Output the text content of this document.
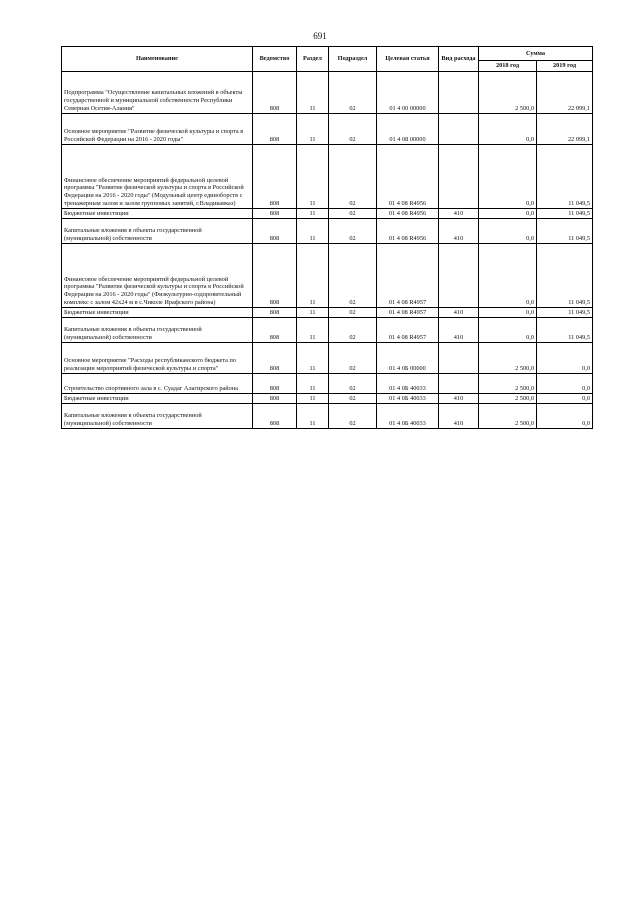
691
Наименование	Ведомство	Раздел	Подраздел	Целевая статья	Вид расхода	Сумма	
						2018 год	2019 год
Подпрограмма "Осуществление капитальных вложений в объекты государственной и муниципальной собственности Республики Северная Осетия-Алания"	808	11	02	01 4 00 00000		2 500,0	22 099,1
Основное мероприятие "Развитие физической культуры и спорта в Российской Федерации на 2016 - 2020 годы"	808	11	02	01 4 08 00000		0,0	22 099,1
Финансовое обеспечение мероприятий федеральной целевой программы "Развитие физической культуры и спорта в Российской Федерации на 2016 - 2020 годы" (Модульный центр единоборств с тренажерным залом и залом групповых занятий, г.Владикавказ)	808	11	02	01 4 08 R4956		0,0	11 049,5
Бюджетные инвестиции	808	11	02	01 4 08 R4956	410	0,0	11 049,5
Капитальные вложения в объекты государственной (муниципальной) собственности	808	11	02	01 4 08 R4956	410	0,0	11 049,5
Финансовое обеспечение мероприятий федеральной целевой программы "Развитие физической культуры и спорта в Российской Федерации на 2016 - 2020 годы" (Физкультурно-оздоровительный комплекс с залом 42х24 м в с.Чиколе Ирафского района)	808	11	02	01 4 08 R4957		0,0	11 049,5
Бюджетные инвестиции	808	11	02	01 4 08 R4957	410	0,0	11 049,5
Капитальные вложения в объекты государственной (муниципальной) собственности	808	11	02	01 4 08 R4957	410	0,0	11 049,5
Основное мероприятие "Расходы республиканского бюджета по реализации мероприятий физической культуры и спорта"	808	11	02	01 4 0Б 00000		2 500,0	0,0
Строительство спортивного зала в с. Суадаг Алагирского района	808	11	02	01 4 0Б 40033		2 500,0	0,0
Бюджетные инвестиции	808	11	02	01 4 0Б 40033	410	2 500,0	0,0
Капитальные вложения в объекты государственной (муниципальной) собственности	808	11	02	01 4 0Б 40033	410	2 500,0	0,0
